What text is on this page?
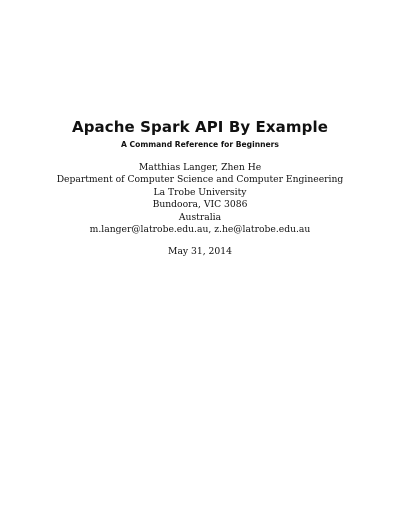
Apache Spark API By Example
A Command Reference for Beginners
Matthias Langer, Zhen He
Department of Computer Science and Computer Engineering
La Trobe University
Bundoora, VIC 3086
Australia
m.langer@latrobe.edu.au, z.he@latrobe.edu.au
May 31, 2014
